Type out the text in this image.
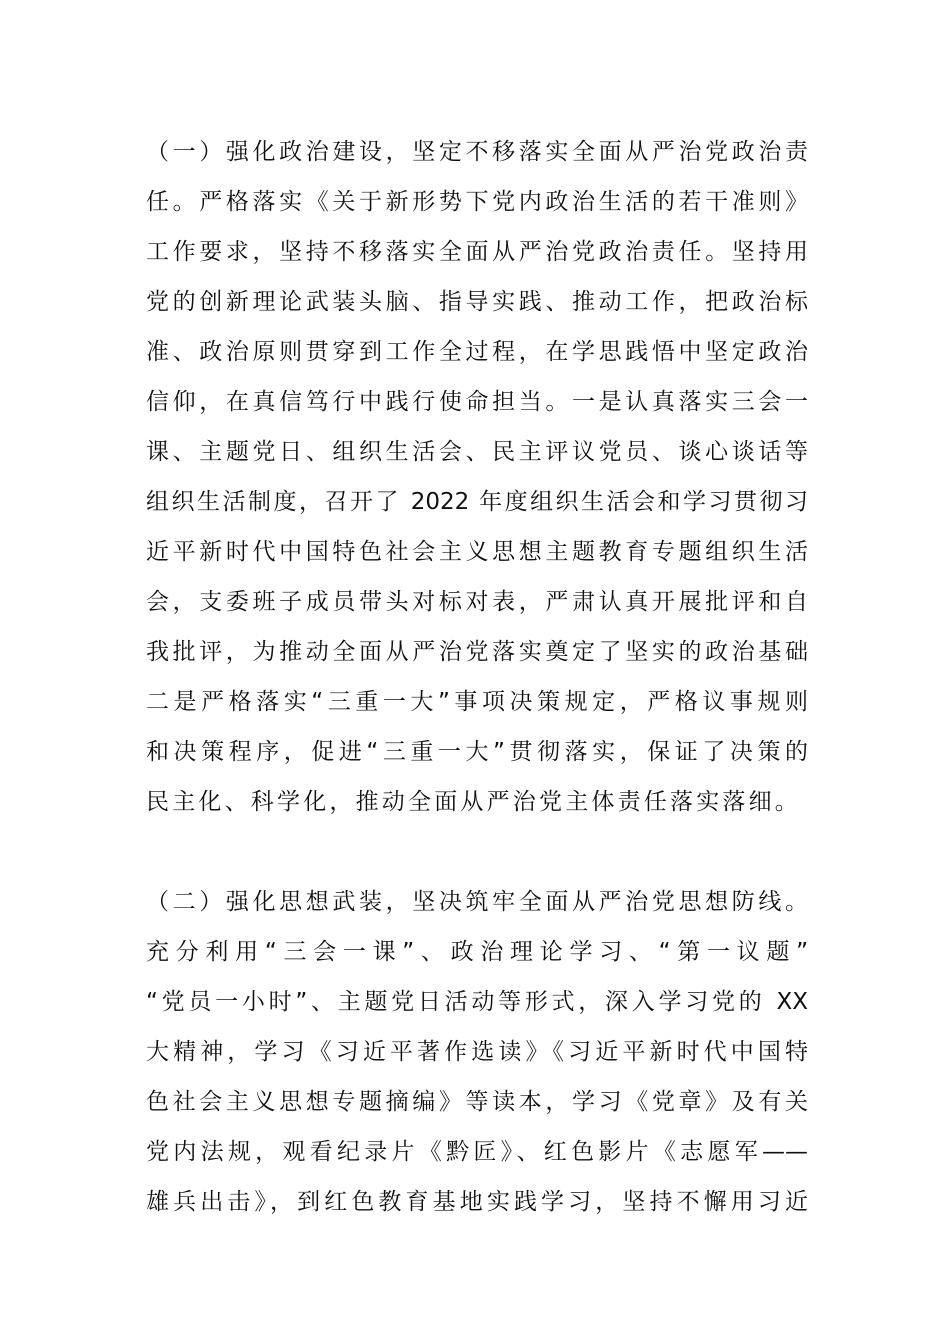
（一）强化政治建设，坚定不移落实全面从严治党政治责
任。严格落实《关于新形势下党内政治生活的若干准则》
工作要求，坚持不移落实全面从严治党政治责任。坚持用
党的创新理论武装头脑、指导实践、推动工作，把政治标
准、政治原则贯穿到工作全过程，在学思践悟中坚定政治
信仰，在真信笃行中践行使命担当。一是认真落实三会一
课、主题党日、组织生活会、民主评议党员、谈心谈话等
组织生活制度，召开了 2022 年度组织生活会和学习贯彻习
近平新时代中国特色社会主义思想主题教育专题组织生活
会，支委班子成员带头对标对表，严肃认真开展批评和自
我批评，为推动全面从严治党落实奠定了坚实的政治基础
二是严格落实“三重一大”事项决策规定，严格议事规则
和决策程序，促进“三重一大”贯彻落实，保证了决策的
民主化、科学化，推动全面从严治党主体责任落实落细。
（二）强化思想武装，坚决筑牢全面从严治党思想防线。
充分利用“三会一课”、政治理论学习、“第一议题”
“党员一小时”、主题党日活动等形式，深入学习党的 XX
大精神，学习《习近平著作选读》《习近平新时代中国特
色社会主义思想专题摘编》等读本，学习《党章》及有关
党内法规，观看纪录片《黔匠》、红色影片《志愿军——
雄兵出击》，到红色教育基地实践学习，坚持不懈用习近
